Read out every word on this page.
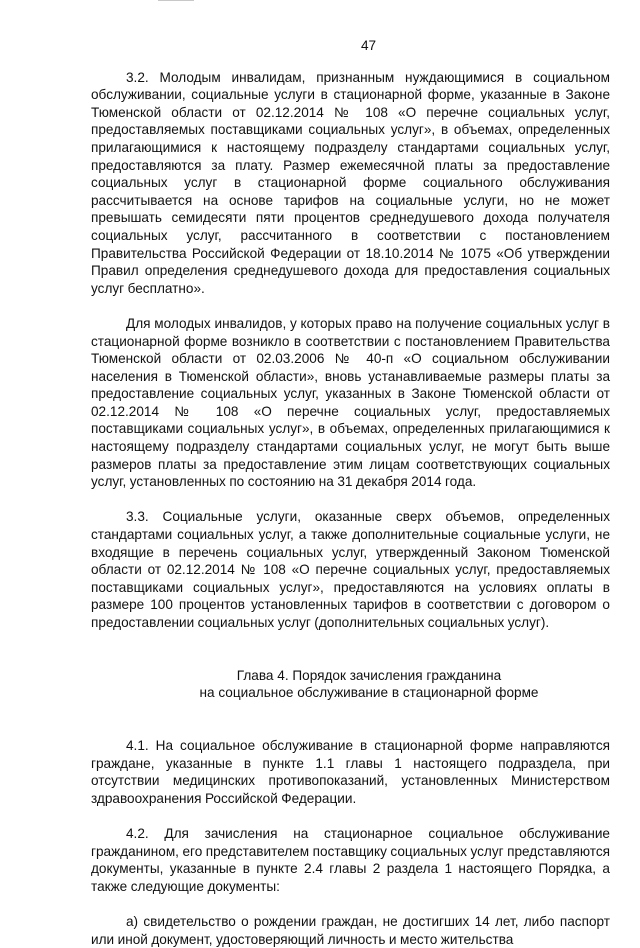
47

3.2. Молодым инвалидам, признанным нуждающимися в социальном обслуживании, социальные услуги в стационарной форме, указанные в Законе Тюменской области от 02.12.2014 № 108 «О перечне социальных услуг, предоставляемых поставщиками социальных услуг», в объемах, определенных прилагающимися к настоящему подразделу стандартами социальных услуг, предоставляются за плату. Размер ежемесячной платы за предоставление социальных услуг в стационарной форме социального обслуживания рассчитывается на основе тарифов на социальные услуги, но не может превышать семидесяти пяти процентов среднедушевого дохода получателя социальных услуг, рассчитанного в соответствии с постановлением Правительства Российской Федерации от 18.10.2014 № 1075 «Об утверждении Правил определения среднедушевого дохода для предоставления социальных услуг бесплатно».

Для молодых инвалидов, у которых право на получение социальных услуг в стационарной форме возникло в соответствии с постановлением Правительства Тюменской области от 02.03.2006 № 40-п «О социальном обслуживании населения в Тюменской области», вновь устанавливаемые размеры платы за предоставление социальных услуг, указанных в Законе Тюменской области от 02.12.2014 № 108 «О перечне социальных услуг, предоставляемых поставщиками социальных услуг», в объемах, определенных прилагающимися к настоящему подразделу стандартами социальных услуг, не могут быть выше размеров платы за предоставление этим лицам соответствующих социальных услуг, установленных по состоянию на 31 декабря 2014 года.

3.3. Социальные услуги, оказанные сверх объемов, определенных стандартами социальных услуг, а также дополнительные социальные услуги, не входящие в перечень социальных услуг, утвержденный Законом Тюменской области от 02.12.2014 № 108 «О перечне социальных услуг, предоставляемых поставщиками социальных услуг», предоставляются на условиях оплаты в размере 100 процентов установленных тарифов в соответствии с договором о предоставлении социальных услуг (дополнительных социальных услуг).

Глава 4. Порядок зачисления гражданина
на социальное обслуживание в стационарной форме

4.1. На социальное обслуживание в стационарной форме направляются граждане, указанные в пункте 1.1 главы 1 настоящего подраздела, при отсутствии медицинских противопоказаний, установленных Министерством здравоохранения Российской Федерации.

4.2. Для зачисления на стационарное социальное обслуживание гражданином, его представителем поставщику социальных услуг представляются документы, указанные в пункте 2.4 главы 2 раздела 1 настоящего Порядка, а также следующие документы:

а) свидетельство о рождении граждан, не достигших 14 лет, либо паспорт или иной документ, удостоверяющий личность и место жительства
